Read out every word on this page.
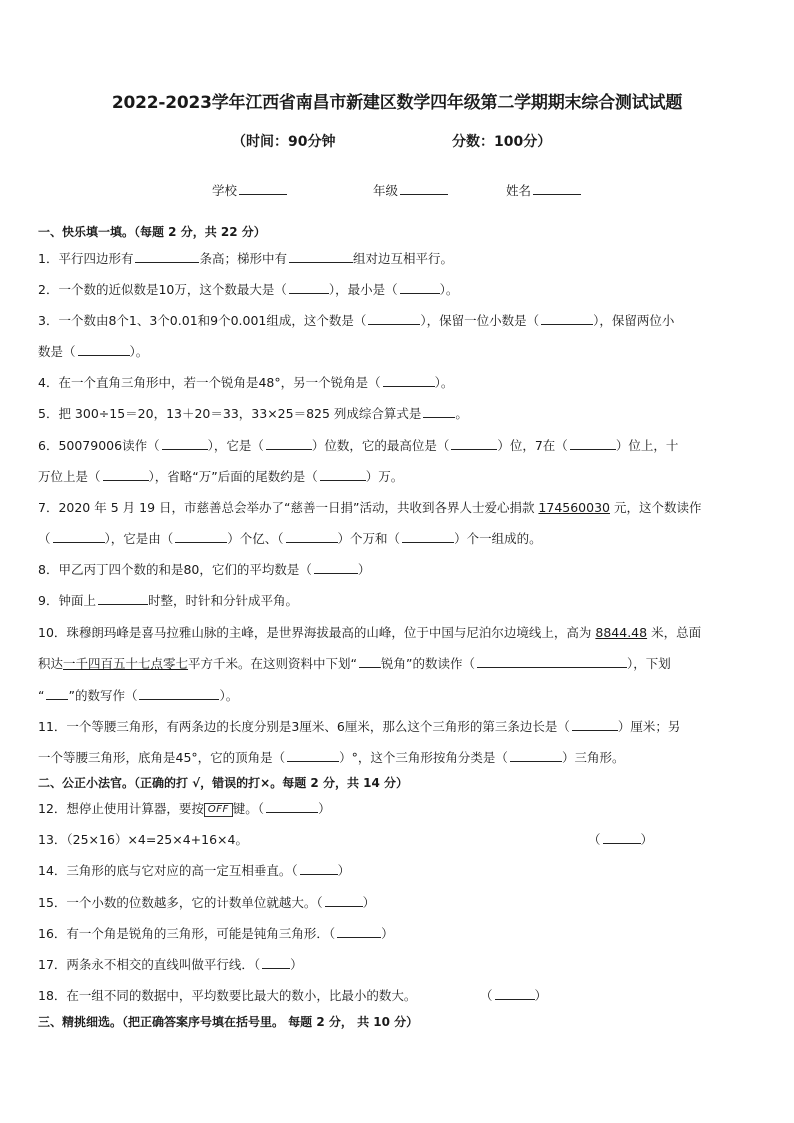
2022-2023学年江西省南昌市新建区数学四年级第二学期期末综合测试试题
（时间：90分钟	分数：100分）
学校	年级	姓名
一、快乐填一填。（每题 2 分，共 22 分）
1．平行四边形有	条高；梯形中有	组对边互相平行。
2．一个数的近似数是10万，这个数最大是（	），最小是（	）。
3．一个数由8个1、3个0.01和9个0.001组成，这个数是（	），保留一位小数是（	），保留两位小
数是（	）。
4．在一个直角三角形中，若一个锐角是48°，另一个锐角是（	）。
5．把 300÷15＝20，13＋20＝33，33×25＝825 列成综合算式是	。
6．50079006读作（	），它是（	）位数，它的最高位是（	）位，7在（	）位上，十
万位上是（	），省略“万”后面的尾数约是（	）万。
7．2020 年 5 月 19 日，市慈善总会举办了“慈善一日捐”活动，共收到各界人士爱心捐款 174560030 元，这个数读作
（	），它是由（	）个亿、（	）个万和（	）个一组成的。
8．甲乙丙丁四个数的和是80，它们的平均数是（	）
9．钟面上	时整，时针和分针成平角。
10．珠穆朗玛峰是喜马拉雅山脉的主峰，是世界海拔最高的山峰，位于中国与尼泊尔边境线上，高为 8844.48 米，总面
积达一千四百五十七点零七平方千米。在这则资料中下划“ 锐角”的数读作（	），下划
“ ”的数写作（	）。
11．一个等腰三角形，有两条边的长度分别是3厘米、6厘米，那么这个三角形的第三条边长是（	）厘米；另
一个等腰三角形，底角是45°，它的顶角是（	）°，这个三角形按角分类是（	）三角形。
二、公正小法官。（正确的打 √，错误的打×。每题 2 分，共 14 分）
12．想停止使用计算器，要按 OFF 键。（	）
13．（25×16）×4=25×4+16×4。	（	）
14．三角形的底与它对应的高一定互相垂直。（	）
15．一个小数的位数越多，它的计数单位就越大。（	）
16．有一个角是锐角的三角形，可能是钝角三角形．（	）
17．两条永不相交的直线叫做平行线．（ ）
18．在一组不同的数据中，平均数要比最大的数小，比最小的数大。	（	）
三、精挑细选。（把正确答案序号填在括号里。 每题 2 分， 共 10 分）
